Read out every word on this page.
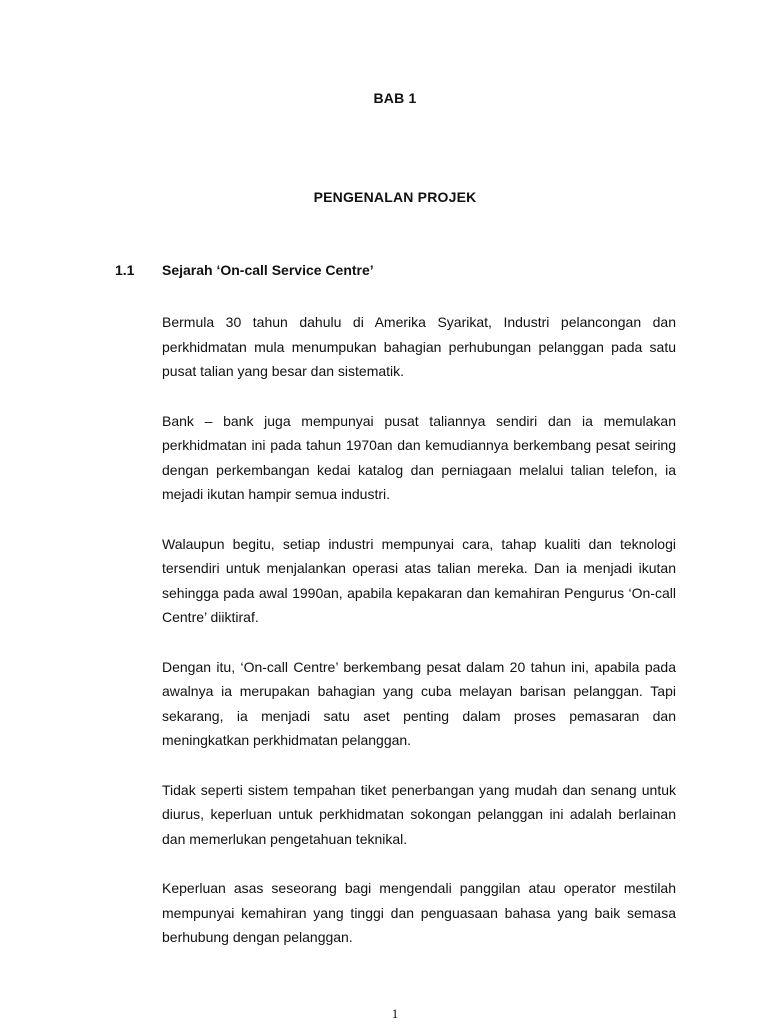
BAB 1
PENGENALAN PROJEK
1.1 Sejarah ‘On-call Service Centre’

Bermula 30 tahun dahulu di Amerika Syarikat, Industri pelancongan dan perkhidmatan mula menumpukan bahagian perhubungan pelanggan pada satu pusat talian yang besar dan sistematik.

Bank – bank juga mempunyai pusat taliannya sendiri dan ia memulakan perkhidmatan ini pada tahun 1970an dan kemudiannya berkembang pesat seiring dengan perkembangan kedai katalog dan perniagaan melalui talian telefon, ia mejadi ikutan hampir semua industri.

Walaupun begitu, setiap industri mempunyai cara, tahap kualiti dan teknologi tersendiri untuk menjalankan operasi atas talian mereka. Dan ia menjadi ikutan sehingga pada awal 1990an, apabila kepakaran dan kemahiran Pengurus ‘On-call Centre’ diiktiraf.

Dengan itu, ‘On-call Centre’ berkembang pesat dalam 20 tahun ini, apabila pada awalnya ia merupakan bahagian yang cuba melayan barisan pelanggan. Tapi sekarang, ia menjadi satu aset penting dalam proses pemasaran dan meningkatkan perkhidmatan pelanggan.

Tidak seperti sistem tempahan tiket penerbangan yang mudah dan senang untuk diurus, keperluan untuk perkhidmatan sokongan pelanggan ini adalah berlainan dan memerlukan pengetahuan teknikal.

Keperluan asas seseorang bagi mengendali panggilan atau operator mestilah mempunyai kemahiran yang tinggi dan penguasaan bahasa yang baik semasa berhubung dengan pelanggan.

1
